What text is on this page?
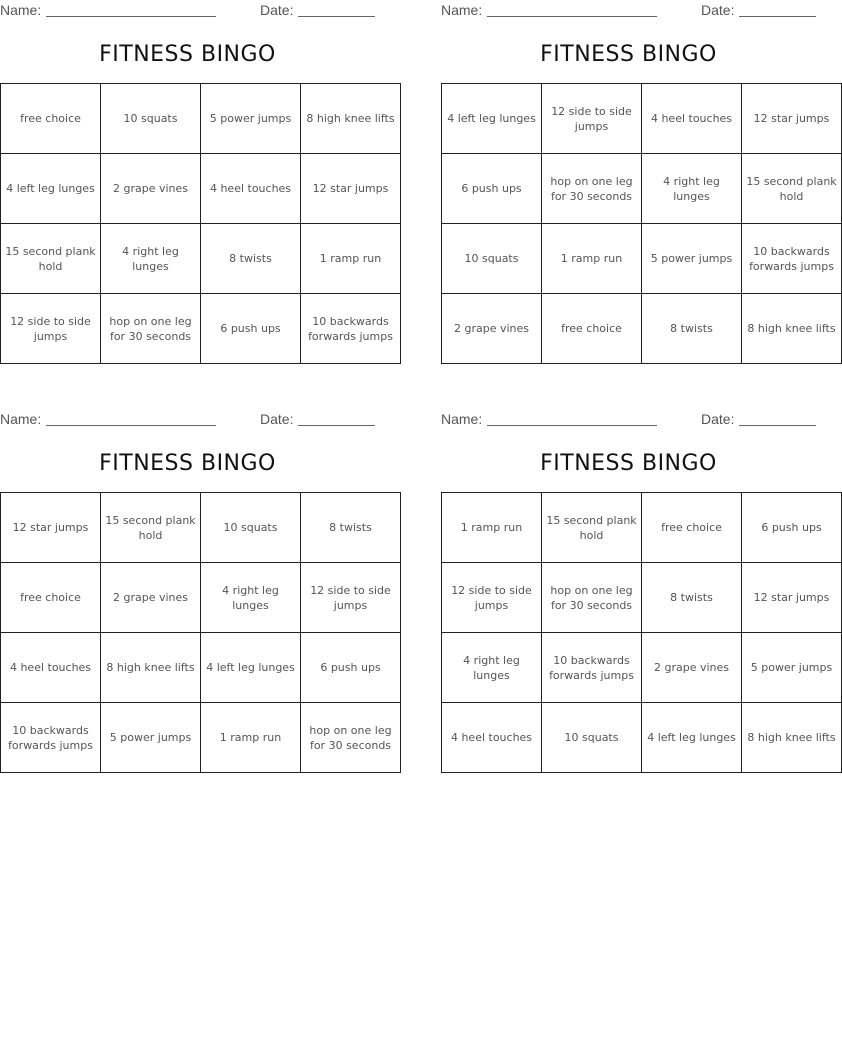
Name:	Date:
FITNESS BINGO
free choice	10 squats	5 power jumps	8 high knee lifts
4 left leg lunges	2 grape vines	4 heel touches	12 star jumps
15 second plank hold	4 right leg lunges	8 twists	1 ramp run
12 side to side jumps	hop on one leg for 30 seconds	6 push ups	10 backwards forwards jumps
Name:	Date:
FITNESS BINGO
4 left leg lunges	12 side to side jumps	4 heel touches	12 star jumps
6 push ups	hop on one leg for 30 seconds	4 right leg lunges	15 second plank hold
10 squats	1 ramp run	5 power jumps	10 backwards forwards jumps
2 grape vines	free choice	8 twists	8 high knee lifts
Name:	Date:
FITNESS BINGO
12 star jumps	15 second plank hold	10 squats	8 twists
free choice	2 grape vines	4 right leg lunges	12 side to side jumps
4 heel touches	8 high knee lifts	4 left leg lunges	6 push ups
10 backwards forwards jumps	5 power jumps	1 ramp run	hop on one leg for 30 seconds
Name:	Date:
FITNESS BINGO
1 ramp run	15 second plank hold	free choice	6 push ups
12 side to side jumps	hop on one leg for 30 seconds	8 twists	12 star jumps
4 right leg lunges	10 backwards forwards jumps	2 grape vines	5 power jumps
4 heel touches	10 squats	4 left leg lunges	8 high knee lifts
